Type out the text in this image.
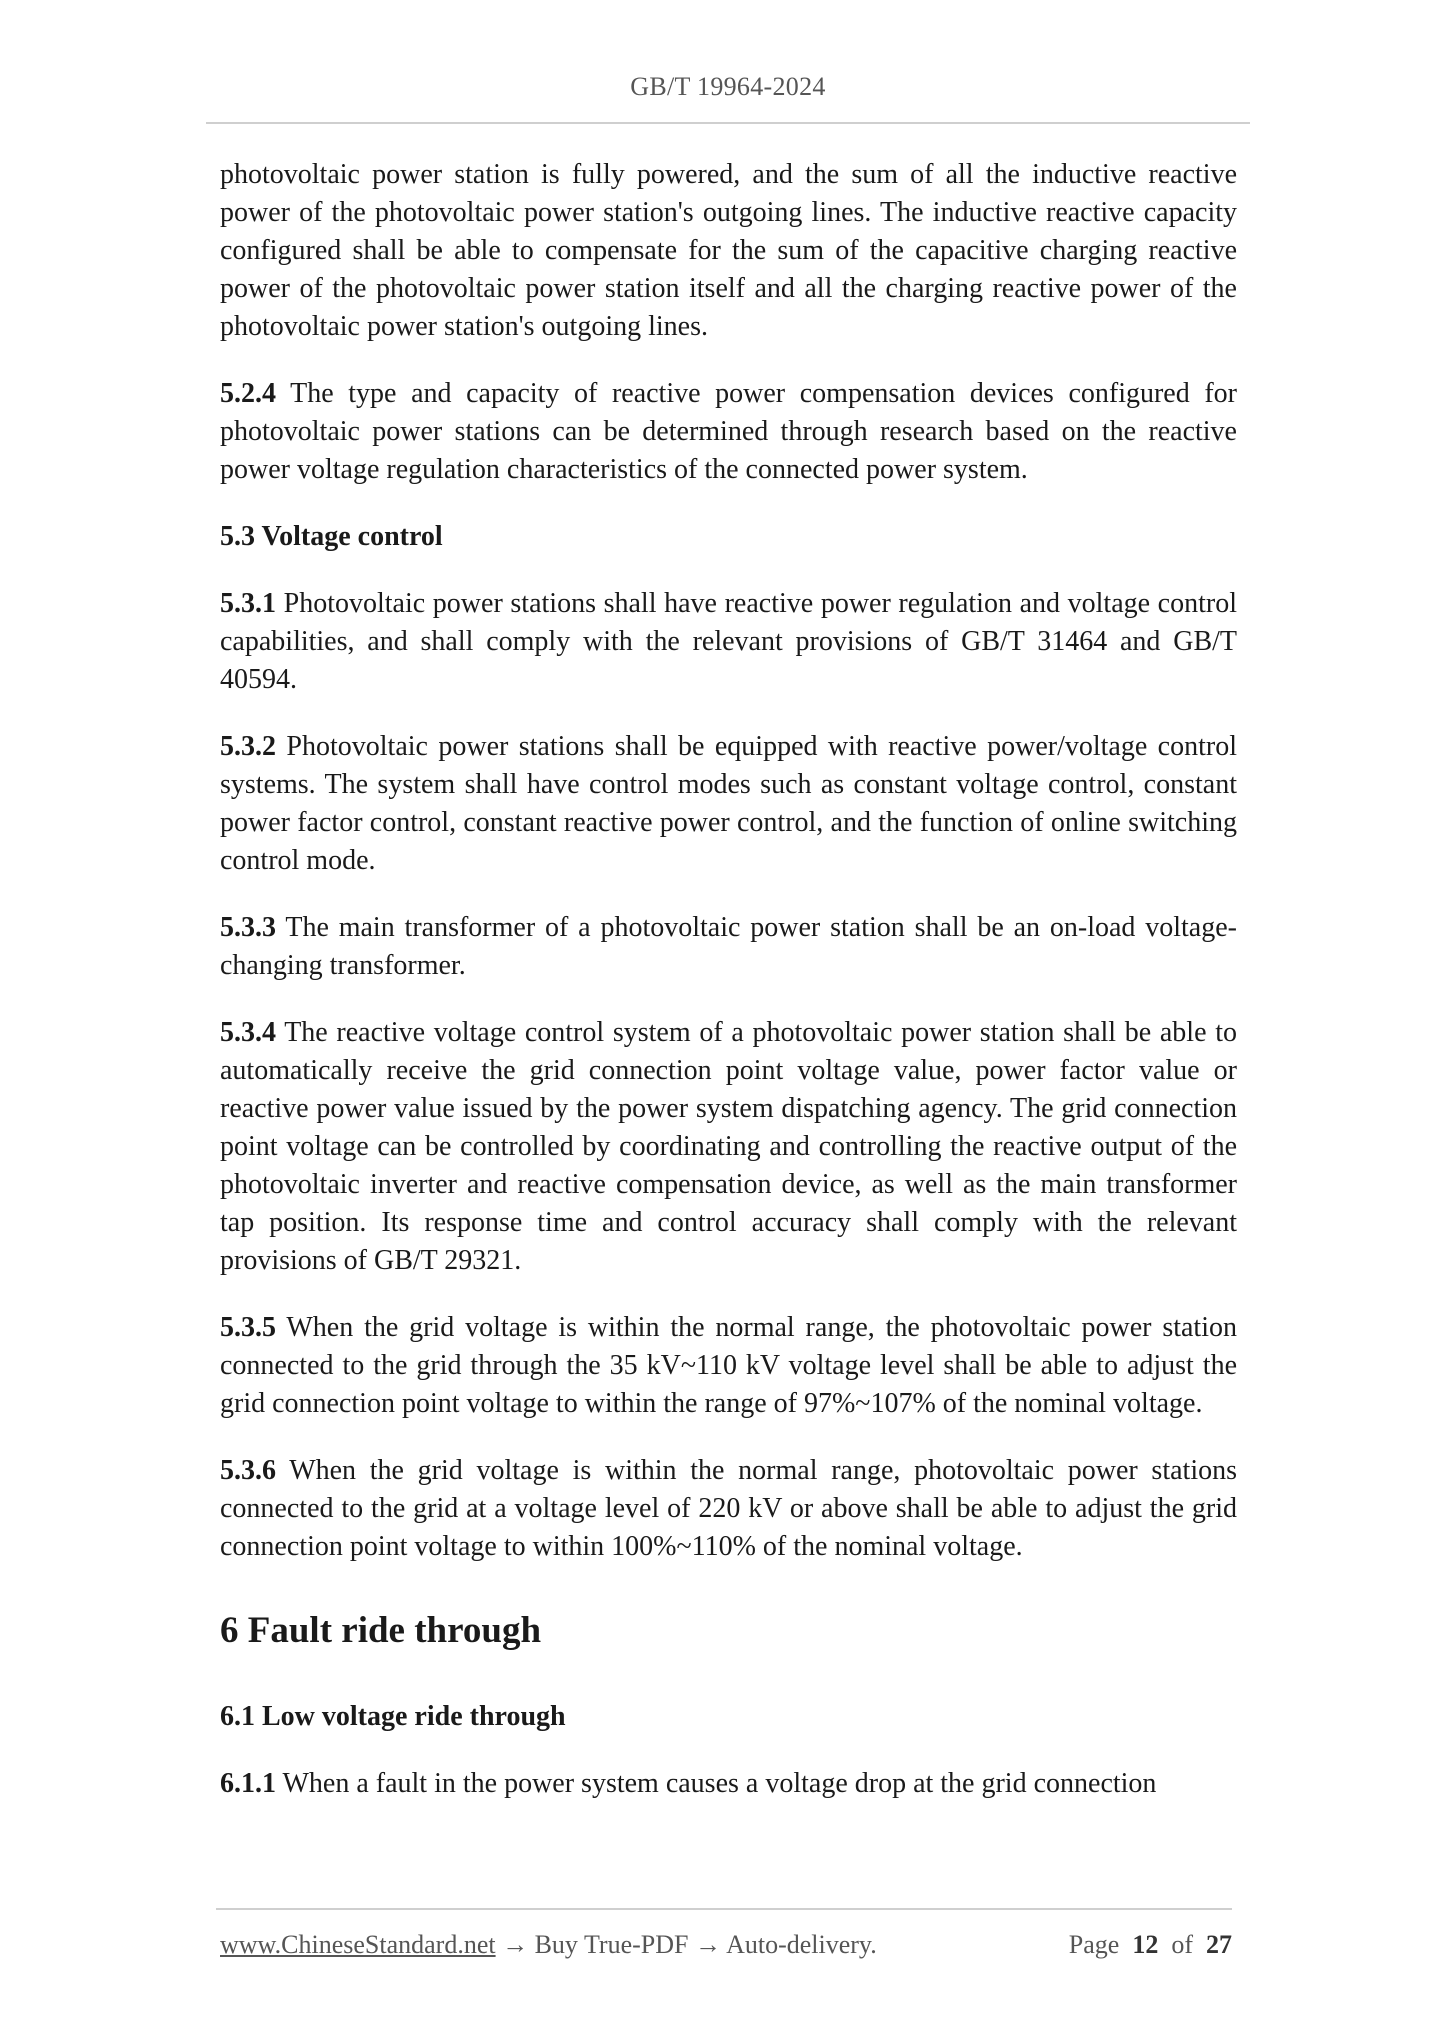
GB/T 19964-2024

photovoltaic power station is fully powered, and the sum of all the inductive reactive power of the photovoltaic power station's outgoing lines. The inductive reactive capacity configured shall be able to compensate for the sum of the capacitive charging reactive power of the photovoltaic power station itself and all the charging reactive power of the photovoltaic power station's outgoing lines.

5.2.4 The type and capacity of reactive power compensation devices configured for photovoltaic power stations can be determined through research based on the reactive power voltage regulation characteristics of the connected power system.

5.3 Voltage control

5.3.1 Photovoltaic power stations shall have reactive power regulation and voltage control capabilities, and shall comply with the relevant provisions of GB/T 31464 and GB/T 40594.

5.3.2 Photovoltaic power stations shall be equipped with reactive power/voltage control systems. The system shall have control modes such as constant voltage control, constant power factor control, constant reactive power control, and the function of online switching control mode.

5.3.3 The main transformer of a photovoltaic power station shall be an on-load voltage-changing transformer.

5.3.4 The reactive voltage control system of a photovoltaic power station shall be able to automatically receive the grid connection point voltage value, power factor value or reactive power value issued by the power system dispatching agency. The grid connection point voltage can be controlled by coordinating and controlling the reactive output of the photovoltaic inverter and reactive compensation device, as well as the main transformer tap position. Its response time and control accuracy shall comply with the relevant provisions of GB/T 29321.

5.3.5 When the grid voltage is within the normal range, the photovoltaic power station connected to the grid through the 35 kV~110 kV voltage level shall be able to adjust the grid connection point voltage to within the range of 97%~107% of the nominal voltage.

5.3.6 When the grid voltage is within the normal range, photovoltaic power stations connected to the grid at a voltage level of 220 kV or above shall be able to adjust the grid connection point voltage to within 100%~110% of the nominal voltage.

6 Fault ride through
6.1 Low voltage ride through

6.1.1 When a fault in the power system causes a voltage drop at the grid connection

www.ChineseStandard.net → Buy True-PDF → Auto-delivery.	Page 12 of 27
